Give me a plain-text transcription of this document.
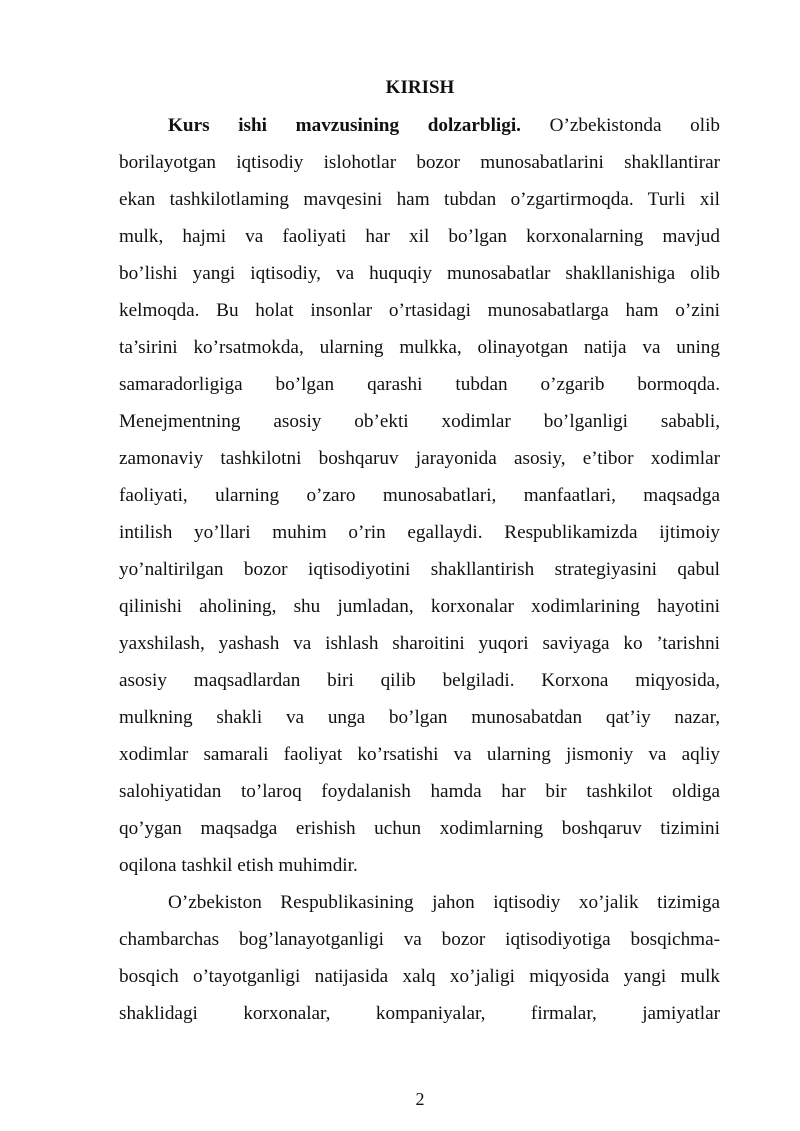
KIRISH

Kurs ishi mavzusining dolzarbligi. O’zbekistonda olib

borilayotgan iqtisodiy islohotlar bozor munosabatlarini shakllantirar

ekan tashkilotlaming mavqesini ham tubdan o’zgartirmoqda. Turli xil

mulk, hajmi va faoliyati har xil bo’lgan korxonalarning mavjud

bo’lishi yangi iqtisodiy, va huquqiy munosabatlar shakllanishiga olib

kelmoqda. Bu holat insonlar o’rtasidagi munosabatlarga ham o’zini

ta’sirini ko’rsatmokda, ularning mulkka, olinayotgan natija va uning

samaradorligiga bo’lgan qarashi tubdan o’zgarib bormoqda.

Menejmentning asosiy ob’ekti xodimlar bo’lganligi sababli,

zamonaviy tashkilotni boshqaruv jarayonida asosiy, e’tibor xodimlar

faoliyati, ularning o’zaro munosabatlari, manfaatlari, maqsadga

intilish yo’llari muhim o’rin egallaydi. Respublikamizda ijtimoiy

yo’naltirilgan bozor iqtisodiyotini shakllantirish strategiyasini qabul

qilinishi aholining, shu jumladan, korxonalar xodimlarining hayotini

yaxshilash, yashash va ishlash sharoitini yuqori saviyaga ko ’tarishni

asosiy maqsadlardan biri qilib belgiladi. Korxona miqyosida,

mulkning shakli va unga bo’lgan munosabatdan qat’iy nazar,

xodimlar samarali faoliyat ko’rsatishi va ularning jismoniy va aqliy

salohiyatidan to’laroq foydalanish hamda har bir tashkilot oldiga

qo’ygan maqsadga erishish uchun xodimlarning boshqaruv tizimini

oqilona tashkil etish muhimdir.

O’zbekiston Respublikasining jahon iqtisodiy xo’jalik tizimiga

chambarchas bog’lanayotganligi va bozor iqtisodiyotiga bosqichma-

bosqich o’tayotganligi natijasida xalq xo’jaligi miqyosida yangi mulk

shaklidagi korxonalar, kompaniyalar, firmalar, jamiyatlar

2
